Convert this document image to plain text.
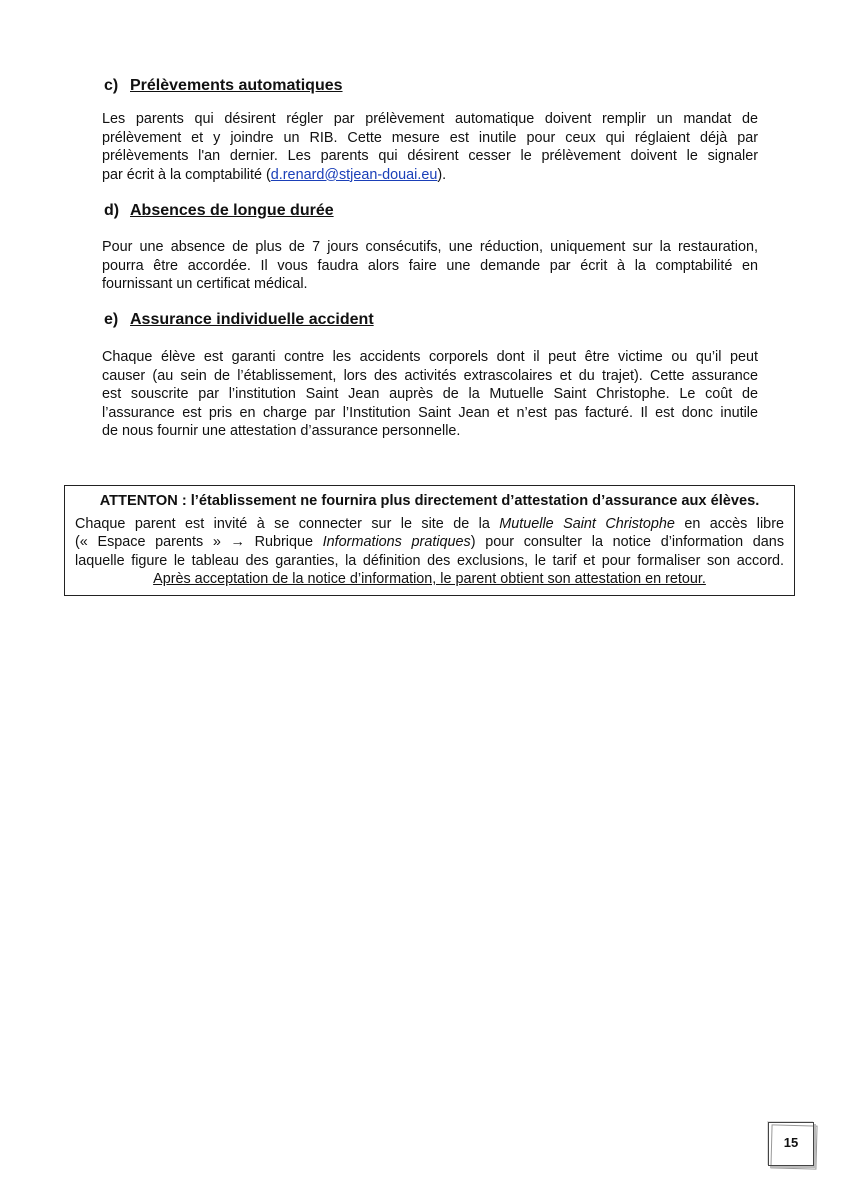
c) Prélèvements automatiques
Les parents qui désirent régler par prélèvement automatique doivent remplir un mandat de
prélèvement et y joindre un RIB. Cette mesure est inutile pour ceux qui réglaient déjà par
prélèvements l'an dernier. Les parents qui désirent cesser le prélèvement doivent le signaler
par écrit à la comptabilité (d.renard@stjean-douai.eu).
d) Absences de longue durée
Pour une absence de plus de 7 jours consécutifs, une réduction, uniquement sur la restauration,
pourra être accordée. Il vous faudra alors faire une demande par écrit à la comptabilité en
fournissant un certificat médical.
e) Assurance individuelle accident
Chaque élève est garanti contre les accidents corporels dont il peut être victime ou qu’il peut
causer (au sein de l’établissement, lors des activités extrascolaires et du trajet). Cette assurance
est souscrite par l’institution Saint Jean auprès de la Mutuelle Saint Christophe. Le coût de
l’assurance est pris en charge par l’Institution Saint Jean et n’est pas facturé. Il est donc inutile
de nous fournir une attestation d’assurance personnelle.
ATTENTON : l’établissement ne fournira plus directement d’attestation d’assurance aux élèves.
Chaque parent est invité à se connecter sur le site de la Mutuelle Saint Christophe en accès libre
(« Espace parents » → Rubrique Informations pratiques) pour consulter la notice d’information dans
laquelle figure le tableau des garanties, la définition des exclusions, le tarif et pour formaliser son accord.
Après acceptation de la notice d’information, le parent obtient son attestation en retour.
15
